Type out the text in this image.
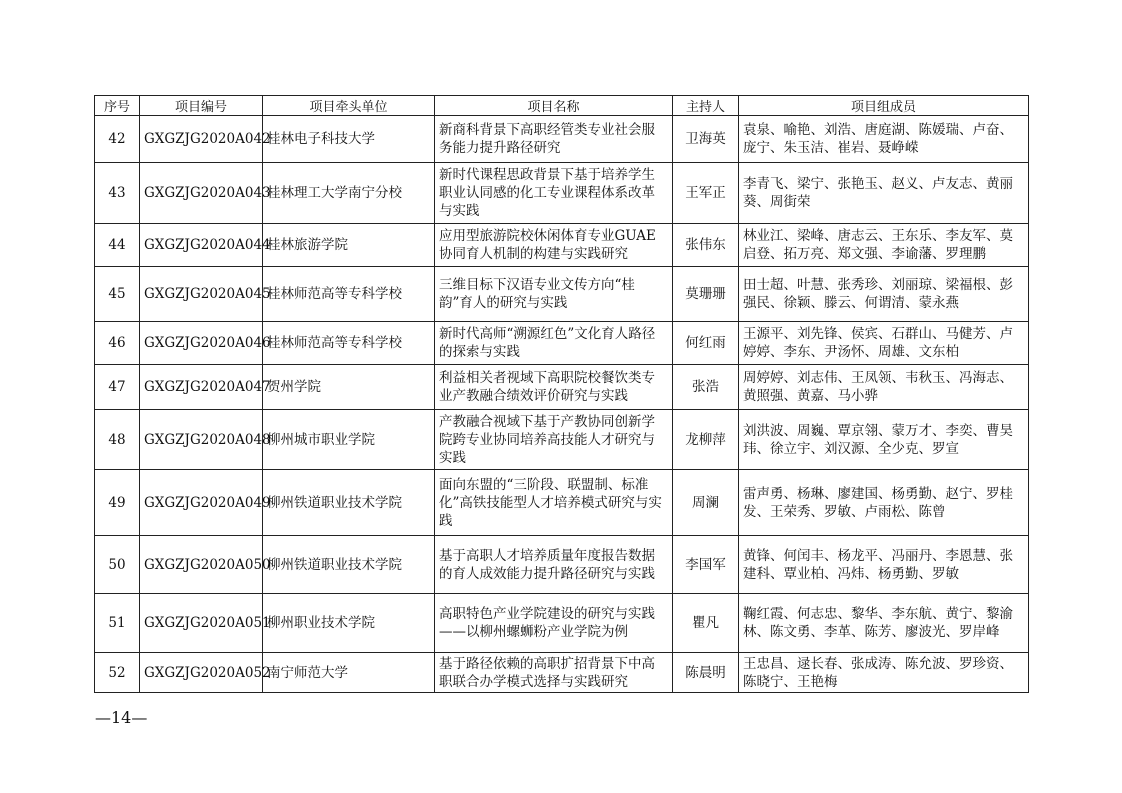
序号	项目编号	项目牵头单位	项目名称	主持人	项目组成员
42	GXGZJG2020A042	桂林电子科技大学	新商科背景下高职经管类专业社会服务能力提升路径研究	卫海英	袁泉、喻艳、刘浩、唐庭湖、陈媛瑞、卢奋、庞宁、朱玉洁、崔岩、聂峥嵘
43	GXGZJG2020A043	桂林理工大学南宁分校	新时代课程思政背景下基于培养学生职业认同感的化工专业课程体系改革与实践	王军正	李青飞、梁宁、张艳玉、赵义、卢友志、黄丽葵、周街荣
44	GXGZJG2020A044	桂林旅游学院	应用型旅游院校休闲体育专业GUAE协同育人机制的构建与实践研究	张伟东	林业江、梁峰、唐志云、王东乐、李友军、莫启登、拓万亮、郑文强、李谕藩、罗理鹏
45	GXGZJG2020A045	桂林师范高等专科学校	三维目标下汉语专业文传方向“桂韵”育人的研究与实践	莫珊珊	田士超、叶慧、张秀珍、刘丽琼、梁福根、彭强民、徐颖、滕云、何谓清、蒙永燕
46	GXGZJG2020A046	桂林师范高等专科学校	新时代高师“溯源红色”文化育人路径的探索与实践	何红雨	王源平、刘先锋、侯宾、石群山、马健芳、卢婷婷、李东、尹汤怀、周雄、文东柏
47	GXGZJG2020A047	贺州学院	利益相关者视域下高职院校餐饮类专业产教融合绩效评价研究与实践	张浩	周婷婷、刘志伟、王凤领、韦秋玉、冯海志、黄照强、黄嘉、马小骅
48	GXGZJG2020A048	柳州城市职业学院	产教融合视域下基于产教协同创新学院跨专业协同培养高技能人才研究与实践	龙柳萍	刘洪波、周巍、覃京翎、蒙万才、李奕、曹昊玮、徐立宇、刘汉源、全少克、罗宣
49	GXGZJG2020A049	柳州铁道职业技术学院	面向东盟的“三阶段、联盟制、标准化”高铁技能型人才培养模式研究与实践	周澜	雷声勇、杨琳、廖建国、杨勇勤、赵宁、罗桂发、王荣秀、罗敏、卢雨松、陈曾
50	GXGZJG2020A050	柳州铁道职业技术学院	基于高职人才培养质量年度报告数据的育人成效能力提升路径研究与实践	李国军	黄锋、何闰丰、杨龙平、冯丽丹、李恩慧、张建科、覃业柏、冯炜、杨勇勤、罗敏
51	GXGZJG2020A051	柳州职业技术学院	高职特色产业学院建设的研究与实践——以柳州螺蛳粉产业学院为例	瞿凡	鞠红霞、何志忠、黎华、李东航、黄宁、黎渝林、陈文勇、李革、陈芳、廖波光、罗岸峰
52	GXGZJG2020A052	南宁师范大学	基于路径依赖的高职扩招背景下中高职联合办学模式选择与实践研究	陈晨明	王忠昌、逯长春、张成涛、陈允波、罗珍资、陈晓宁、王艳梅
—14—
